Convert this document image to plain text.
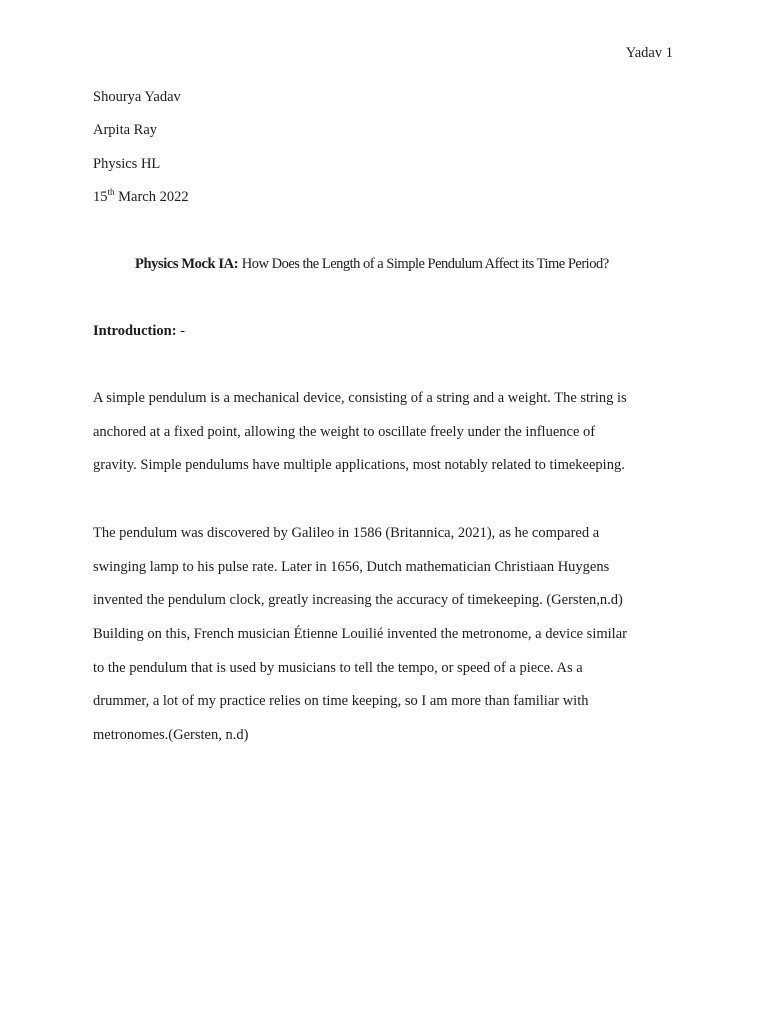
Yadav 1
Shourya Yadav
Arpita Ray
Physics HL
15th March 2022
Physics Mock IA: How Does the Length of a Simple Pendulum Affect its Time Period?
Introduction: -
A simple pendulum is a mechanical device, consisting of a string and a weight. The string is
anchored at a fixed point, allowing the weight to oscillate freely under the influence of
gravity. Simple pendulums have multiple applications, most notably related to timekeeping.
The pendulum was discovered by Galileo in 1586 (Britannica, 2021), as he compared a
swinging lamp to his pulse rate. Later in 1656, Dutch mathematician Christiaan Huygens
invented the pendulum clock, greatly increasing the accuracy of timekeeping. (Gersten,n.d)
Building on this, French musician Étienne Louilié invented the metronome, a device similar
to the pendulum that is used by musicians to tell the tempo, or speed of a piece. As a
drummer, a lot of my practice relies on time keeping, so I am more than familiar with
metronomes.(Gersten, n.d)
